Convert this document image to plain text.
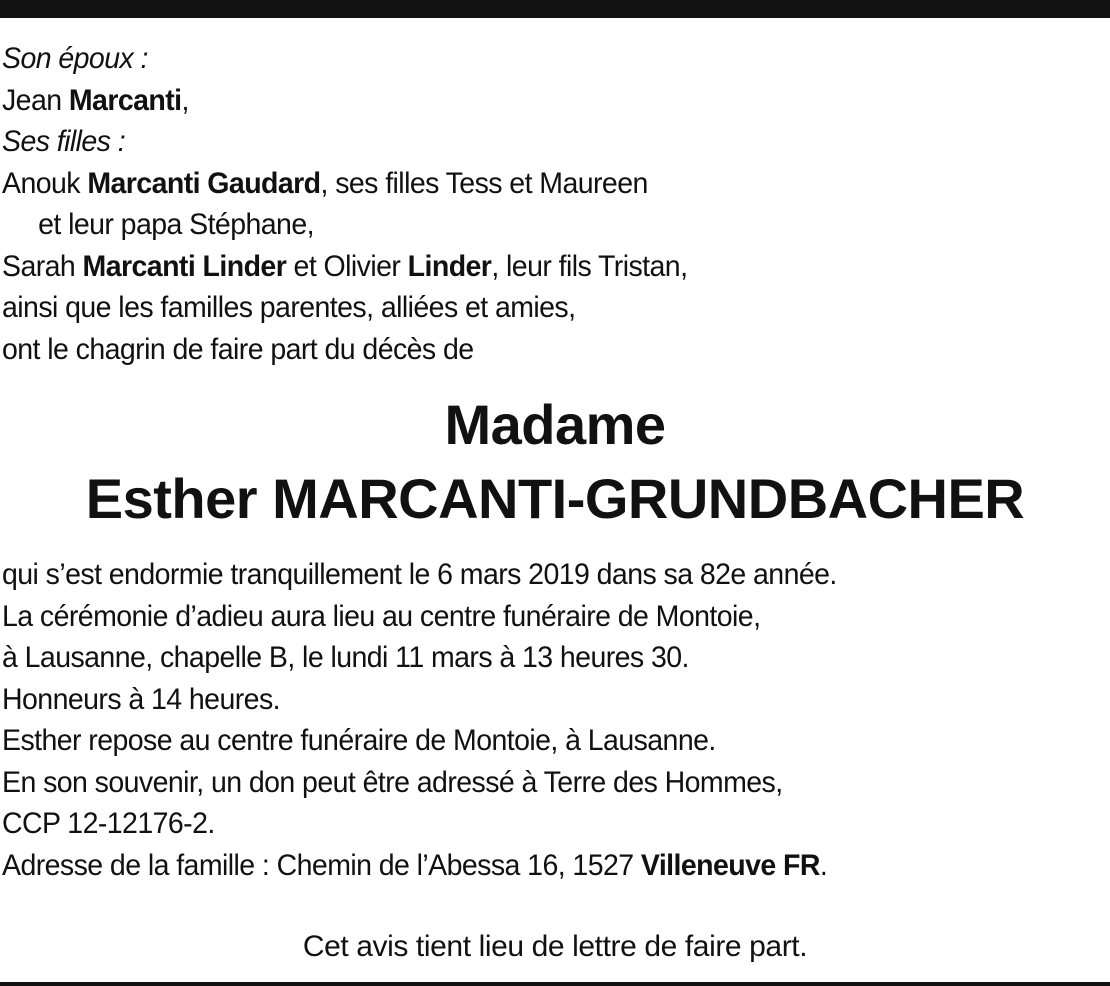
Son époux :
Jean Marcanti,
Ses filles :
Anouk Marcanti Gaudard, ses filles Tess et Maureen
et leur papa Stéphane,
Sarah Marcanti Linder et Olivier Linder, leur fils Tristan,
ainsi que les familles parentes, alliées et amies,
ont le chagrin de faire part du décès de
Madame
Esther MARCANTI-GRUNDBACHER
qui s’est endormie tranquillement le 6 mars 2019 dans sa 82e année.
La cérémonie d’adieu aura lieu au centre funéraire de Montoie,
à Lausanne, chapelle B, le lundi 11 mars à 13 heures 30.
Honneurs à 14 heures.
Esther repose au centre funéraire de Montoie, à Lausanne.
En son souvenir, un don peut être adressé à Terre des Hommes,
CCP 12-12176-2.
Adresse de la famille : Chemin de l’Abessa 16, 1527 Villeneuve FR.
Cet avis tient lieu de lettre de faire part.
